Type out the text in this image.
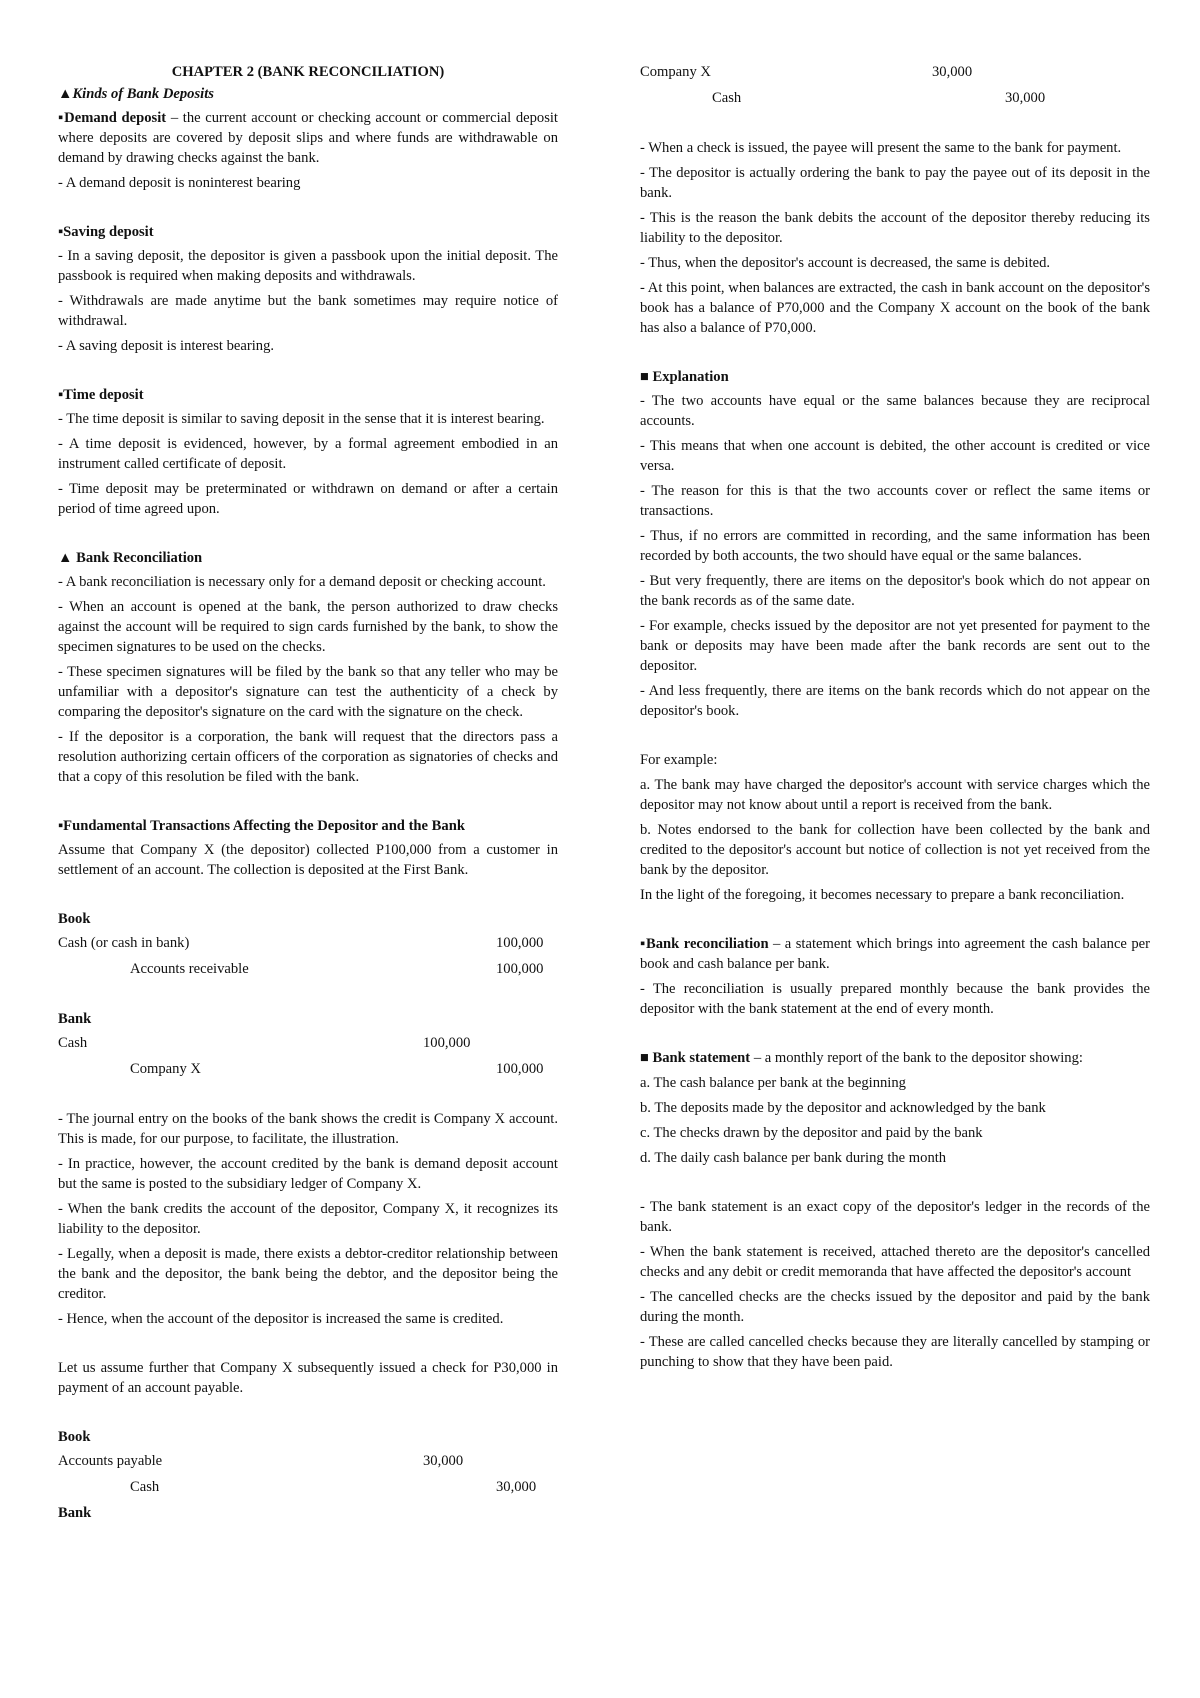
CHAPTER 2 (BANK RECONCILIATION)

▲Kinds of Bank Deposits

▪Demand deposit – the current account or checking account or commercial deposit where deposits are covered by deposit slips and where funds are withdrawable on demand by drawing checks against the bank.

- A demand deposit is noninterest bearing

▪Saving deposit

- In a saving deposit, the depositor is given a passbook upon the initial deposit. The passbook is required when making deposits and withdrawals.

- Withdrawals are made anytime but the bank sometimes may require notice of withdrawal.

- A saving deposit is interest bearing.

▪Time deposit

- The time deposit is similar to saving deposit in the sense that it is interest bearing.

- A time deposit is evidenced, however, by a formal agreement embodied in an instrument called certificate of deposit.

- Time deposit may be preterminated or withdrawn on demand or after a certain period of time agreed upon.

▲ Bank Reconciliation

- A bank reconciliation is necessary only for a demand deposit or checking account.

- When an account is opened at the bank, the person authorized to draw checks against the account will be required to sign cards furnished by the bank, to show the specimen signatures to be used on the checks.

- These specimen signatures will be filed by the bank so that any teller who may be unfamiliar with a depositor's signature can test the authenticity of a check by comparing the depositor's signature on the card with the signature on the check.

- If the depositor is a corporation, the bank will request that the directors pass a resolution authorizing certain officers of the corporation as signatories of checks and that a copy of this resolution be filed with the bank.

▪Fundamental Transactions Affecting the Depositor and the Bank

Assume that Company X (the depositor) collected P100,000 from a customer in settlement of an account. The collection is deposited at the First Bank.

Book

Cash (or cash in bank)	100,000
Accounts receivable	100,000

Bank

Cash	100,000
Company X	100,000

- The journal entry on the books of the bank shows the credit is Company X account. This is made, for our purpose, to facilitate, the illustration.

- In practice, however, the account credited by the bank is demand deposit account but the same is posted to the subsidiary ledger of Company X.

- When the bank credits the account of the depositor, Company X, it recognizes its liability to the depositor.

- Legally, when a deposit is made, there exists a debtor-creditor relationship between the bank and the depositor, the bank being the debtor, and the depositor being the creditor.

- Hence, when the account of the depositor is increased the same is credited.

Let us assume further that Company X subsequently issued a check for P30,000 in payment of an account payable.

Book

Accounts payable	30,000
Cash	30,000

Bank

Company X	30,000
Cash	30,000

- When a check is issued, the payee will present the same to the bank for payment.

- The depositor is actually ordering the bank to pay the payee out of its deposit in the bank.

- This is the reason the bank debits the account of the depositor thereby reducing its liability to the depositor.

- Thus, when the depositor's account is decreased, the same is debited.

- At this point, when balances are extracted, the cash in bank account on the depositor's book has a balance of P70,000 and the Company X account on the book of the bank has also a balance of P70,000.

■ Explanation

- The two accounts have equal or the same balances because they are reciprocal accounts.

- This means that when one account is debited, the other account is credited or vice versa.

- The reason for this is that the two accounts cover or reflect the same items or transactions.

- Thus, if no errors are committed in recording, and the same information has been recorded by both accounts, the two should have equal or the same balances.

- But very frequently, there are items on the depositor's book which do not appear on the bank records as of the same date.

- For example, checks issued by the depositor are not yet presented for payment to the bank or deposits may have been made after the bank records are sent out to the depositor.

- And less frequently, there are items on the bank records which do not appear on the depositor's book.

For example:

a. The bank may have charged the depositor's account with service charges which the depositor may not know about until a report is received from the bank.

b. Notes endorsed to the bank for collection have been collected by the bank and credited to the depositor's account but notice of collection is not yet received from the bank by the depositor.

In the light of the foregoing, it becomes necessary to prepare a bank reconciliation.

▪Bank reconciliation – a statement which brings into agreement the cash balance per book and cash balance per bank.

- The reconciliation is usually prepared monthly because the bank provides the depositor with the bank statement at the end of every month.

■ Bank statement – a monthly report of the bank to the depositor showing:

a. The cash balance per bank at the beginning

b. The deposits made by the depositor and acknowledged by the bank

c. The checks drawn by the depositor and paid by the bank

d. The daily cash balance per bank during the month

- The bank statement is an exact copy of the depositor's ledger in the records of the bank.

- When the bank statement is received, attached thereto are the depositor's cancelled checks and any debit or credit memoranda that have affected the depositor's account

- The cancelled checks are the checks issued by the depositor and paid by the bank during the month.

- These are called cancelled checks because they are literally cancelled by stamping or punching to show that they have been paid.
